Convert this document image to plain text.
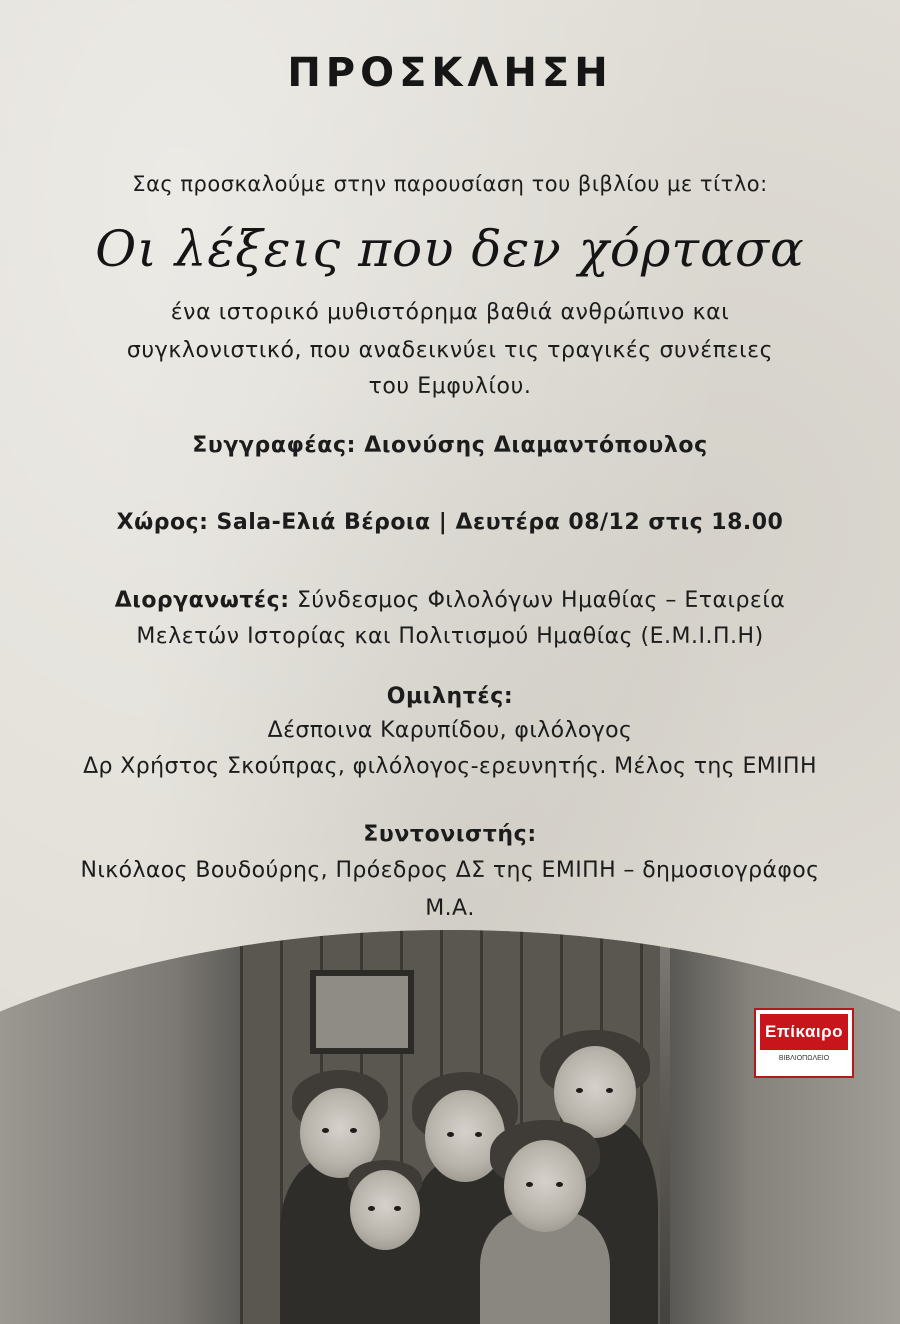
ΠΡΟΣΚΛΗΣΗ
Σας προσκαλούμε στην παρουσίαση του βιβλίου με τίτλο:
Οι λέξεις που δεν χόρτασα
ένα ιστορικό μυθιστόρημα βαθιά ανθρώπινο και
συγκλονιστικό, που αναδεικνύει τις τραγικές συνέπειες
του Εμφυλίου.
Συγγραφέας: Διονύσης Διαμαντόπουλος
Χώρος: Sala-Ελιά Βέροια | Δευτέρα 08/12 στις 18.00
Διοργανωτές: Σύνδεσμος Φιλολόγων Ημαθίας – Εταιρεία
Μελετών Ιστορίας και Πολιτισμού Ημαθίας (Ε.Μ.Ι.Π.Η)
Ομιλητές:
Δέσποινα Καρυπίδου, φιλόλογος
Δρ Χρήστος Σκούπρας, φιλόλογος-ερευνητής. Μέλος της ΕΜΙΠΗ
Συντονιστής:
Νικόλαος Βουδούρης, Πρόεδρος ΔΣ της ΕΜΙΠΗ – δημοσιογράφος
Μ.Α.
Επίκαιρο
ΒΙΒΛΙΟΠΩΛΕΙΟ
